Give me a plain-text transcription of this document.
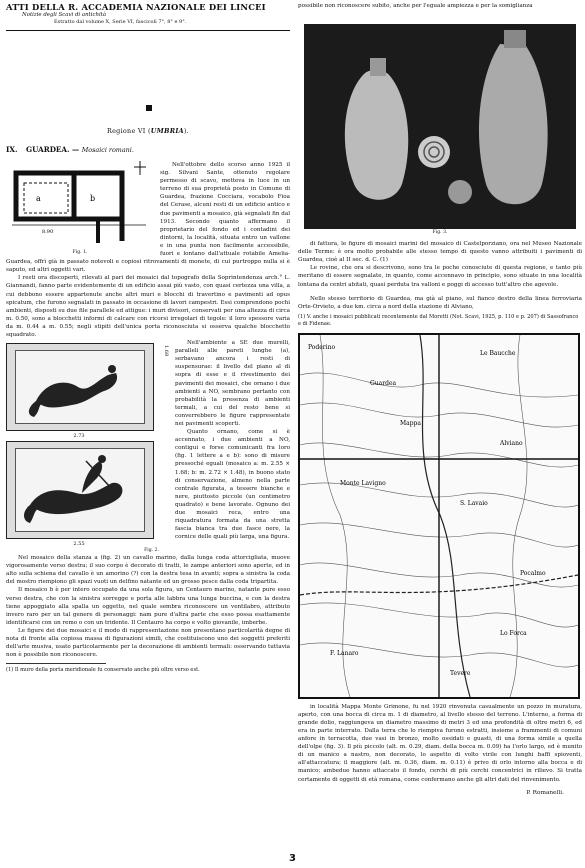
ATTI DELLA R. ACCADEMIA NAZIONALE DEI LINCEI
Notizie degli Scavi di antichità
Estratto dal volume X, Serie VI, fascicoli 7°, 8° e 9°.
Regione VI (UMBRIA).
IX. GUARDEA. — Mosaici romani.
a	b
8.90
Fig. 1.

Nell'ottobre dello scorso anno 1925 il sig. Silvani Sante, ottenuto regolare permesso di scavo, metteva in luce in un terreno di sua proprietà posto in Comune di Guardea, frazione Cocciara, vocabolo Fioa del Cerase, alcuni resti di un edificio antico e due pavimenti a mosaico, già segnalati fin dal 1913. Secondo quanto affermano il proprietario del fondo ed i contadini dei dintorni, la località, situata entro un vallone e in una punta non facilmente accessibile, fuori e lontano dall'attuale rotabile Amelia-Guardea, offrì già in passato notevoli e copiosi ritrovamenti di monete, di cui purtroppo nulla si è saputo, ed altri oggetti vari.

I resti ora discoperti, rilevati al pari dei mosaici dal topografo della Soprintendenza arch.° L. Giannandi, fanno parte evidentemente di un edificio assai più vasto, con quasi certezza una villa, a cui debbono essere appartenute anche altri muri e blocchi di travertino e pavimenti ad opus spicatum, che furono segnalati in passato in occasione di lavori campestri. Essi comprendono pochi ambienti, disposti su due file parallele ed attigue: i muri divisori, conservati per una altezza di circa m. 0.50, sono a blocchetti informi di calcare con ricorsi irregolari di tegole: il loro spessore varia da m. 0.44 a m. 0.55; negli stipiti dell'unica porta riconosciuta si osserva qualche blocchetto squadrato.

1.68
2.73
2.55
Fig. 2.

Nell'ambiente a SE due murelli, paralleli alle pareti lunghe (a), serbavano ancora i resti di suspensurae: il livello del piano al di sopra di esse e il rivestimento dei pavimenti dei mosaici, che ornano i due ambienti a NO, sembrano pertanto con probabilità la presenza di ambienti termali, a cui del resto bene si converrebbero le figure rappresentate nei pavimenti scoperti.

Quanto ornano, come si è accennato, i due ambienti a NO, contigui e forse comunicanti fra loro (fig. 1 lettere a e b): sono di misure pressoché eguali (mosaico a: m. 2.55 × 1.68; b: m. 2.72 × 1.48), in buono stato di conservazione, almeno nella parte centrale figurata, a tessere bianche e nere, piuttosto piccole (un centimetro quadrato) e bene lavorate. Ognuno dei due mosaici reca, entro una riquadratura formata da una stretta fascia bianca tra due fasce nere, la cornice delle quali più larga, una figura.

Nel mosaico della stanza a (fig. 2) un cavallo marino, dalla lunga coda attorcigliata, muove vigorosamente verso destra; il suo corpo è decorato di tratti, le zampe anteriori sono aperte, ed in alto sulla schiena del cavallo è un amorino (?) con la destra tesa in avanti; sopra a sinistra la coda del mostro riempiono gli spazi vuoti un delfino natante ed un grosso pesce dalla coda tripartita.

Il mosaico b è per intero occupato da una sola figura, un Centauro marino, natante pure esso verso destra, che con la sinistra sorregge e porta alle labbra una lunga buccina, e con la destra tiene appoggiato alla spalla un oggetto, nel quale sembra riconoscere un ventilabro, attributo invero raro per un tal genere di personaggi: nam pure d'altra parte che esso possa esattamente identificarsi con un remo o con un tridente. Il Centauro ha corpo e volto giovanile, imberbe.

Le figure dei due mosaici e il modo di rappresentazione non presentano particolarità degne di nota di fronte alla copiosa massa di figurazioni simili, che costituiscono uno dei soggetti preferiti dell'arte musiva, usato particolarmente per la decorazione di ambienti termali: osservando tuttavia non è possibile non riconoscere.

(1) Il muro della porta meridionale fu conservato anche più oltre verso est.

possibile non riconoscere subito, anche per l'eguale ampiezza e per la somiglianza

Fig. 3.

di fattura, le figure di mosaici marini del mosaico di Castelporziano, ora nel Museo Nazionale delle Terme: è ora molto probabile alle stesso tempo di questo vanno attribuiti i pavimenti di Guardea, cioè al II sec. d. C. (1)

Le rovine, che ora si descrivono, sono tra le poche conosciute di questa regione, e tanto più meritano di essere segnalate, in quanto, come accennavo in principio, sono situate in una località lontana da centri abitati, quasi perduta tra valloni e poggi di accesso tutt'altro che agevole.

Nello stesso territorio di Guardea, ma già al piano, sul fianco destro della linea ferroviaria Orte-Orvieto, a due km. circa a nord della stazione di Alviano,

(1) V. anche i mosaici pubblicati recentemente dal Moretti (Not. Scavi, 1925, p. 110 e p. 207) di Sassofranco e di Fidenae.

Poderino
Guardea
Alviano
Le Baucche
Monte Lavigno
S. Lavaio
Lo Forca
Tevere
F. Lanaro
Pocalmo
Mappa

in località Mappa Monte Grimone, fu nel 1920 rinvenuta casualmente un pozzo in muratura, aperto, con una bocca di circa m. 1 di diametro, al livello stesso del terreno. L'interno, a forma di grande dolio, raggiungeva un diametro massimo di metri 3 ed una profondità di oltre metri 6, ed era in parte interrato. Dalla terra che lo riempiva furono estratti, insieme a frammenti di comuni anfore in terracotta, due vasi in bronzo, molto ossidati e guasti, di una forma simile a quella dell'olpe (fig. 3). Il più piccolo (alt. m. 0.29, diam. della bocca m. 0.09) ha l'orlo largo, ed è munito di un manico a nastro, non decorato, lo aspetto di volto virile con lunghi baffi spioventi, all'attaccatura; il maggiore (alt. m. 0.36, diam. m. 0.11) è privo di orlo intorno alla bocca e di manico; ambedue hanno attaccato il fondo, cerchi di più cerchi concentrici in rilievo. Si tratta certamente di oggetti di età romana, come confermano anche gli altri dati del rinvenimento.

P. Romanelli.
3
